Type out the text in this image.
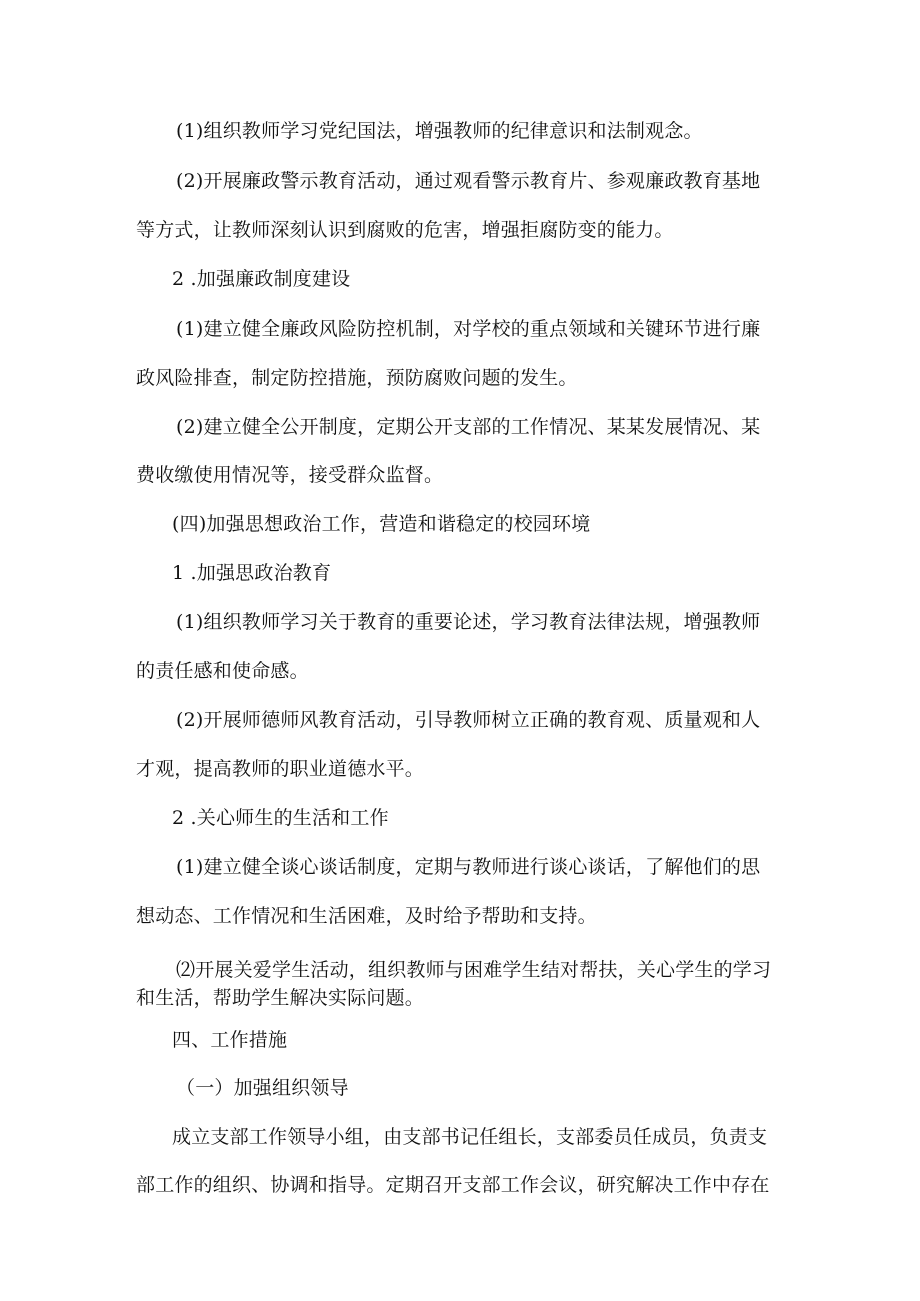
(1)组织教师学习党纪国法，增强教师的纪律意识和法制观念。
(2)开展廉政警示教育活动，通过观看警示教育片、参观廉政教育基地
等方式，让教师深刻认识到腐败的危害，增强拒腐防变的能力。
2 .加强廉政制度建设
(1)建立健全廉政风险防控机制，对学校的重点领域和关键环节进行廉
政风险排查，制定防控措施，预防腐败问题的发生。
(2)建立健全公开制度，定期公开支部的工作情况、某某发展情况、某
费收缴使用情况等，接受群众监督。
(四)加强思想政治工作，营造和谐稳定的校园环境
1 .加强思政治教育
(1)组织教师学习关于教育的重要论述，学习教育法律法规，增强教师
的责任感和使命感。
(2)开展师德师风教育活动，引导教师树立正确的教育观、质量观和人
才观，提高教师的职业道德水平。
2 .关心师生的生活和工作
(1)建立健全谈心谈话制度，定期与教师进行谈心谈话，了解他们的思
想动态、工作情况和生活困难，及时给予帮助和支持。
⑵开展关爱学生活动，组织教师与困难学生结对帮扶，关心学生的学习
和生活，帮助学生解决实际问题。
四、工作措施
（一）加强组织领导
成立支部工作领导小组，由支部书记任组长，支部委员任成员，负责支
部工作的组织、协调和指导。定期召开支部工作会议，研究解决工作中存在
